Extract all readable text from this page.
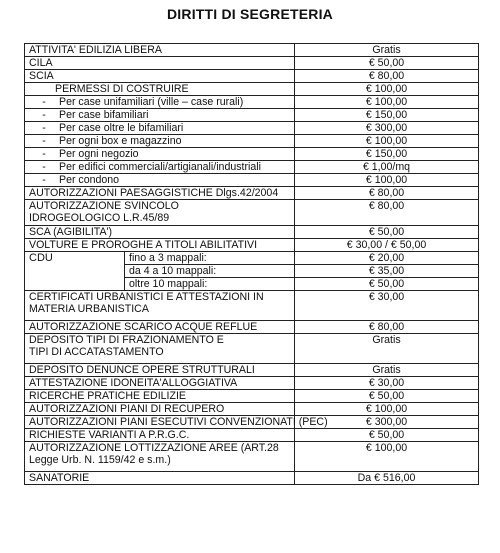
DIRITTI DI SEGRETERIA
ATTIVITA' EDILIZIA LIBERA		Gratis
CILA		€ 50,00
SCIA		€ 80,00
PERMESSI DI COSTRUIRE		€ 100,00
- Per case unifamiliari (ville – case rurali)		€ 100,00
- Per case bifamiliari		€ 150,00
- Per case oltre le bifamiliari		€ 300,00
- Per ogni box e magazzino		€ 100,00
- Per ogni negozio		€ 150,00
- Per edifici commerciali/artigianali/industriali		€ 1,00/mq
- Per condono		€ 100,00
AUTORIZZAZIONI PAESAGGISTICHE Dlgs.42/2004		€ 80,00
AUTORIZZAZIONE SVINCOLO IDROGEOLOGICO L.R.45/89		€ 80,00
SCA (AGIBILITA')		€ 50,00
VOLTURE E PROROGHE A TITOLI ABILITATIVI		€ 30,00 / € 50,00
CDU	fino a 3 mappali:	€ 20,00
	da 4 a 10 mappali:	€ 35,00
	oltre 10 mappali:	€ 50,00
CERTIFICATI URBANISTICI E ATTESTAZIONI IN MATERIA URBANISTICA		€ 30,00
AUTORIZZAZIONE SCARICO ACQUE REFLUE		€ 80,00
DEPOSITO TIPI DI FRAZIONAMENTO E TIPI DI ACCATASTAMENTO		Gratis
DEPOSITO DENUNCE OPERE STRUTTURALI		Gratis
ATTESTAZIONE IDONEITA'ALLOGGIATIVA		€ 30,00
RICERCHE PRATICHE EDILIZIE		€ 50,00
AUTORIZZAZIONI PIANI DI RECUPERO		€ 100,00
AUTORIZZAZIONI PIANI ESECUTIVI CONVENZIONATI (PEC)		€ 300,00
RICHIESTE VARIANTI A P.R.G.C.		€ 50,00
AUTORIZZAZIONE LOTTIZZAZIONE AREE (ART.28 Legge Urb. N. 1159/42 e s.m.)		€ 100,00
SANATORIE		Da € 516,00
